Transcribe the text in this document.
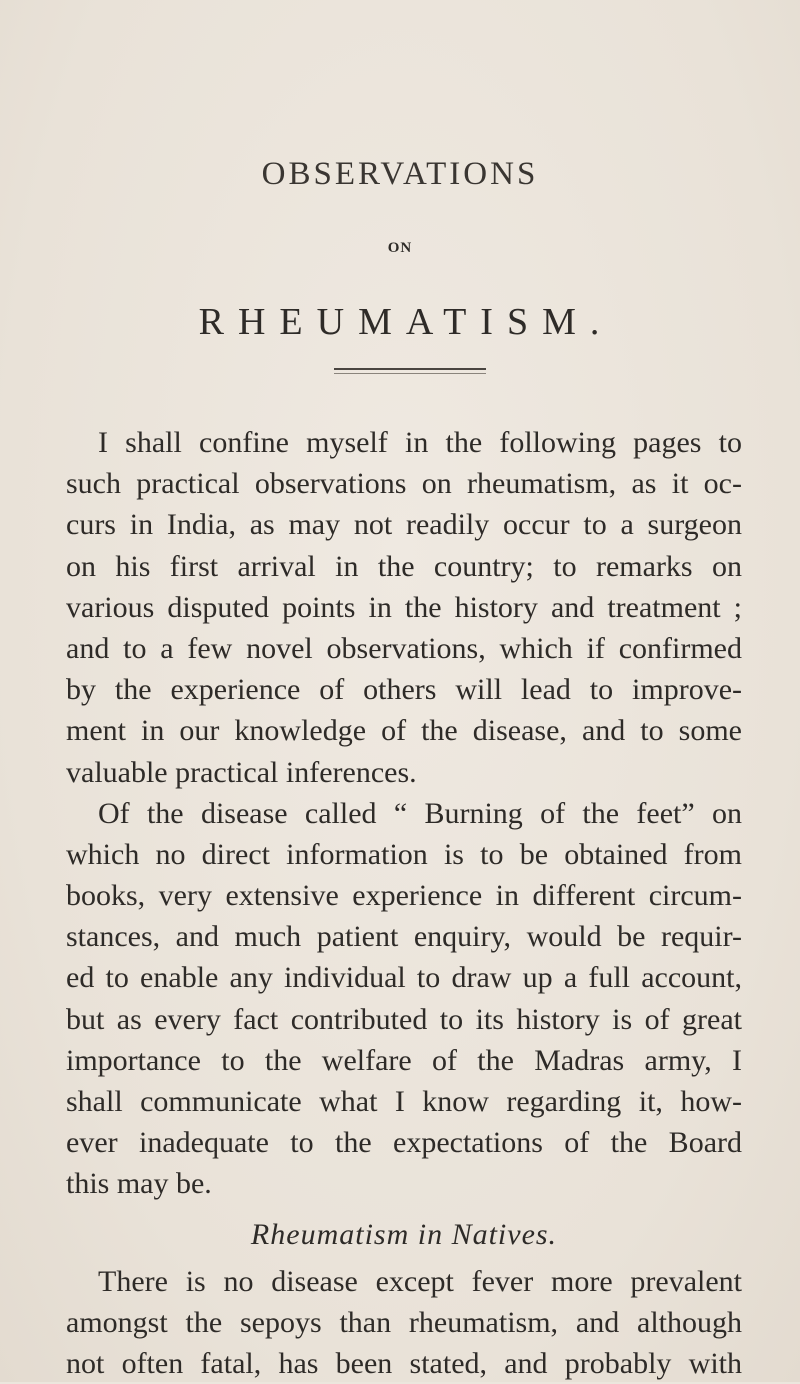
OBSERVATIONS
ON
RHEUMATISM.
I shall confine myself in the following pages to
such practical observations on rheumatism, as it oc-
curs in India, as may not readily occur to a surgeon
on his first arrival in the country; to remarks on
various disputed points in the history and treatment ;
and to a few novel observations, which if confirmed
by the experience of others will lead to improve-
ment in our knowledge of the disease, and to some
valuable practical inferences.
Of the disease called “ Burning of the feet” on
which no direct information is to be obtained from
books, very extensive experience in different circum-
stances, and much patient enquiry, would be requir-
ed to enable any individual to draw up a full account,
but as every fact contributed to its history is of great
importance to the welfare of the Madras army, I
shall communicate what I know regarding it, how-
ever inadequate to the expectations of the Board
this may be.
Rheumatism in Natives.
There is no disease except fever more prevalent
amongst the sepoys than rheumatism, and although
not often fatal, has been stated, and probably with
